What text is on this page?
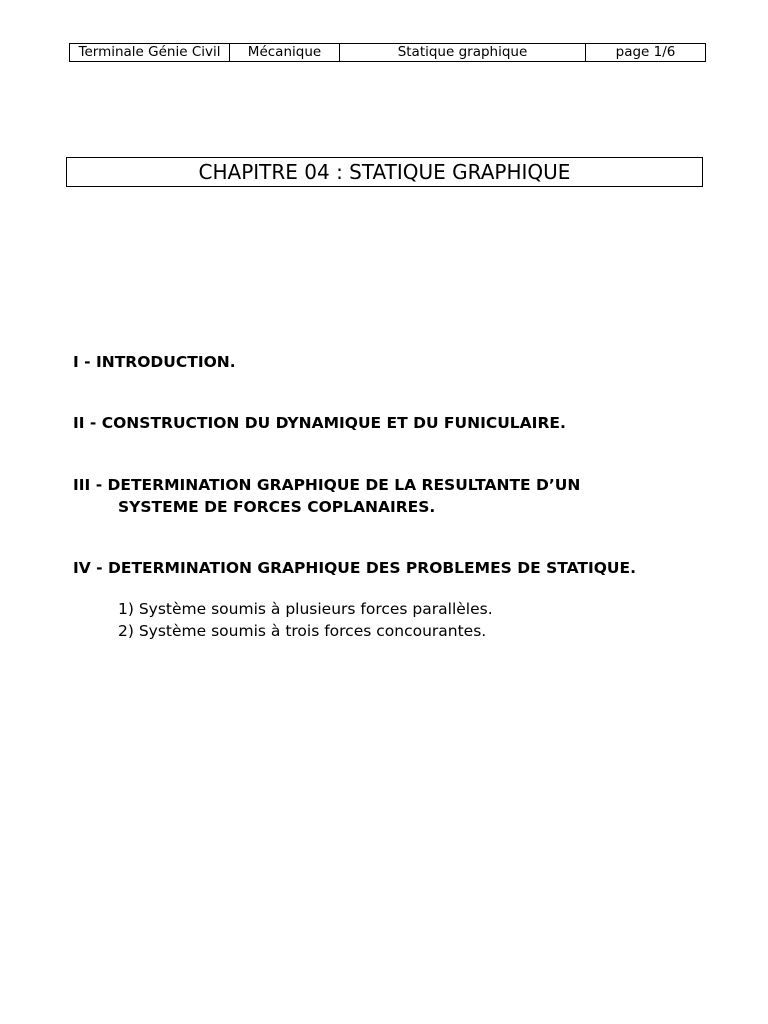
Terminale Génie Civil	Mécanique	Statique graphique	page 1/6
CHAPITRE 04 : STATIQUE GRAPHIQUE
I - INTRODUCTION.
II - CONSTRUCTION DU DYNAMIQUE ET DU FUNICULAIRE.
III - DETERMINATION GRAPHIQUE DE LA RESULTANTE D’UN
SYSTEME DE FORCES COPLANAIRES.
IV - DETERMINATION GRAPHIQUE DES PROBLEMES DE STATIQUE.
1) Système soumis à plusieurs forces parallèles.
2) Système soumis à trois forces concourantes.
